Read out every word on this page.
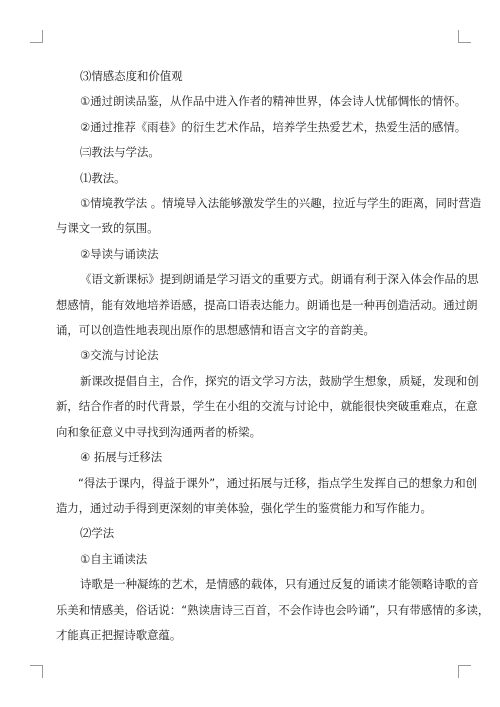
⑶情感态度和价值观
①通过朗读品鉴，从作品中进入作者的精神世界，体会诗人忧郁惆怅的情怀。
②通过推荐《雨巷》的衍生艺术作品，培养学生热爱艺术，热爱生活的感情。
㈢教法与学法。
⑴教法。
①情境教学法 。情境导入法能够激发学生的兴趣，拉近与学生的距离，同时营造
与课文一致的氛围。
②导读与诵读法
《语文新课标》提到朗诵是学习语文的重要方式。朗诵有利于深入体会作品的思
想感情，能有效地培养语感，提高口语表达能力。朗诵也是一种再创造活动。通过朗
诵，可以创造性地表现出原作的思想感情和语言文字的音韵美。
③交流与讨论法
新课改提倡自主，合作，探究的语文学习方法，鼓励学生想象，质疑，发现和创
新，结合作者的时代背景，学生在小组的交流与讨论中，就能很快突破重难点，在意
向和象征意义中寻找到沟通两者的桥梁。
④ 拓展与迁移法
“得法于课内，得益于课外”，通过拓展与迁移，指点学生发挥自己的想象力和创
造力，通过动手得到更深刻的审美体验，强化学生的鉴赏能力和写作能力。
⑵学法
①自主诵读法
诗歌是一种凝练的艺术，是情感的载体，只有通过反复的诵读才能领略诗歌的音
乐美和情感美，俗话说：“熟读唐诗三百首，不会作诗也会吟诵”，只有带感情的多读，
才能真正把握诗歌意蕴。
